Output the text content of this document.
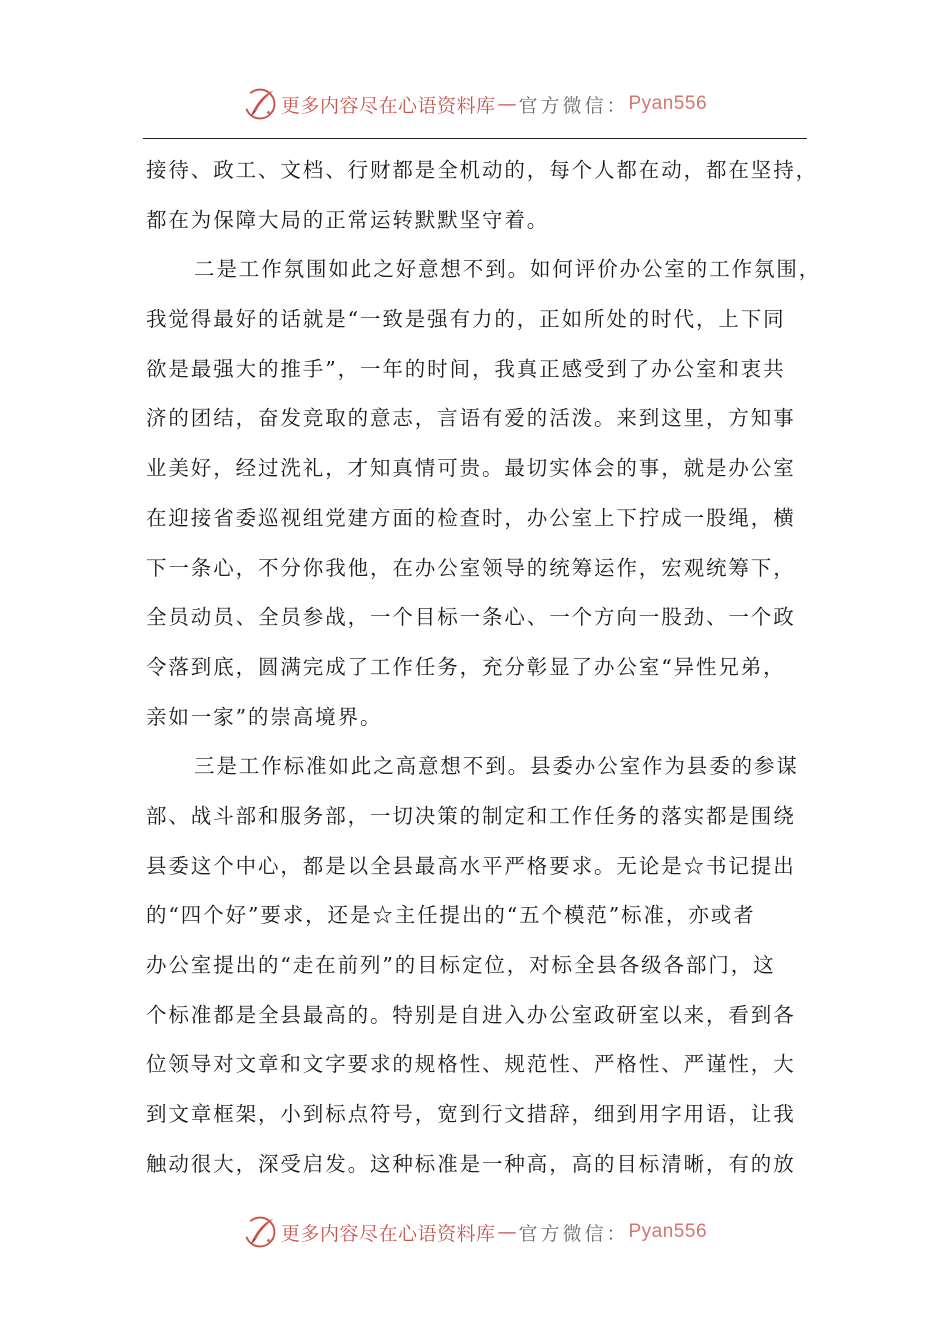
更多内容尽在心语资料库 — 官方微信： Pyan556
接待、政工、文档、行财都是全机动的，每个人都在动，都在坚持，
都在为保障大局的正常运转默默坚守着。
二是工作氛围如此之好意想不到。如何评价办公室的工作氛围，
我觉得最好的话就是“一致是强有力的，正如所处的时代，上下同
欲是最强大的推手”，一年的时间，我真正感受到了办公室和衷共
济的团结，奋发竞取的意志，言语有爱的活泼。来到这里，方知事
业美好，经过洗礼，才知真情可贵。最切实体会的事，就是办公室
在迎接省委巡视组党建方面的检查时，办公室上下拧成一股绳，横
下一条心，不分你我他，在办公室领导的统筹运作，宏观统筹下，
全员动员、全员参战，一个目标一条心、一个方向一股劲、一个政
令落到底，圆满完成了工作任务，充分彰显了办公室“异性兄弟，
亲如一家”的崇高境界。
三是工作标准如此之高意想不到。县委办公室作为县委的参谋
部、战斗部和服务部，一切决策的制定和工作任务的落实都是围绕
县委这个中心，都是以全县最高水平严格要求。无论是☆书记提出
的“四个好”要求，还是☆主任提出的“五个模范”标准，亦或者
办公室提出的“走在前列”的目标定位，对标全县各级各部门，这
个标准都是全县最高的。特别是自进入办公室政研室以来，看到各
位领导对文章和文字要求的规格性、规范性、严格性、严谨性，大
到文章框架，小到标点符号，宽到行文措辞，细到用字用语，让我
触动很大，深受启发。这种标准是一种高，高的目标清晰，有的放
更多内容尽在心语资料库 — 官方微信： Pyan556
